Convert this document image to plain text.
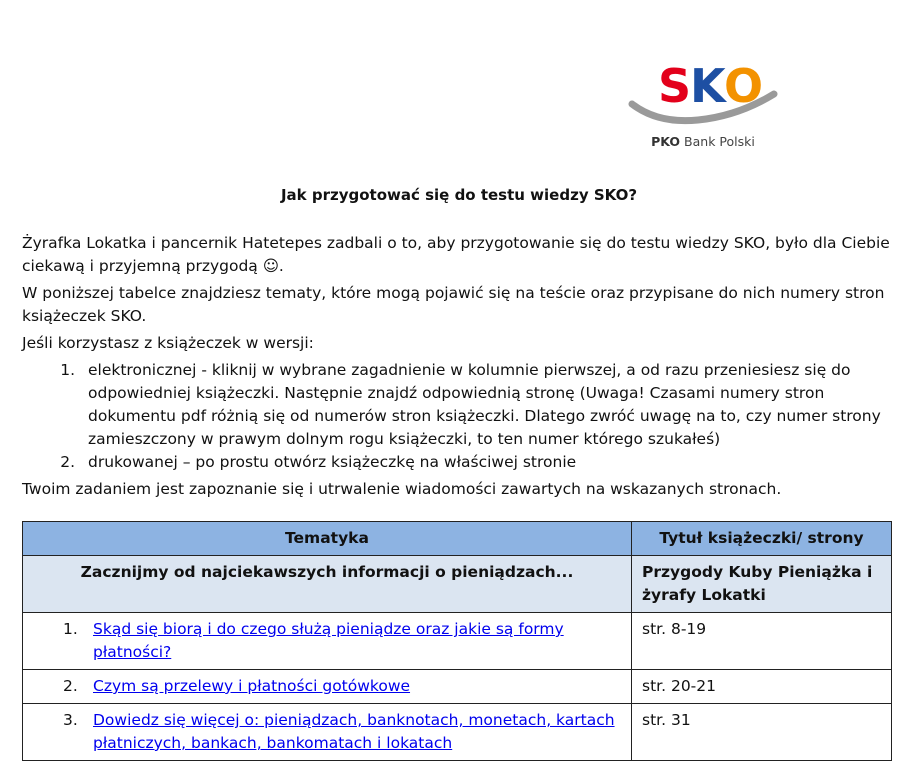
S
K
O
PKO Bank Polski
Jak przygotować się do testu wiedzy SKO?

Żyrafka Lokatka i pancernik Hatetepes zadbali o to, aby przygotowanie się do testu wiedzy SKO, było dla Ciebie ciekawą i przyjemną przygodą ☺.

W poniższej tabelce znajdziesz tematy, które mogą pojawić się na teście oraz przypisane do nich numery stron książeczek SKO.

Jeśli korzystasz z książeczek w wersji:

1. elektronicznej - kliknij w wybrane zagadnienie w kolumnie pierwszej, a od razu przeniesiesz się do odpowiedniej książeczki. Następnie znajdź odpowiednią stronę (Uwaga! Czasami numery stron dokumentu pdf różnią się od numerów stron książeczki. Dlatego zwróć uwagę na to, czy numer strony zamieszczony w prawym dolnym rogu książeczki, to ten numer którego szukałeś)
2. drukowanej – po prostu otwórz książeczkę na właściwej stronie

Twoim zadaniem jest zapoznanie się i utrwalenie wiadomości zawartych na wskazanych stronach.

Tematyka	Tytuł książeczki/ strony
Zacznijmy od najciekawszych informacji o pieniądzach...	Przygody Kuby Pieniążka i żyrafy Lokatki

1. Skąd się biorą i do czego służą pieniądze oraz jakie są formy płatności?	str. 8-19

2. Czym są przelewy i płatności gotówkowe	str. 20-21

3. Dowiedz się więcej o: pieniądzach, banknotach, monetach, kartach płatniczych, bankach, bankomatach i lokatach	str. 31
